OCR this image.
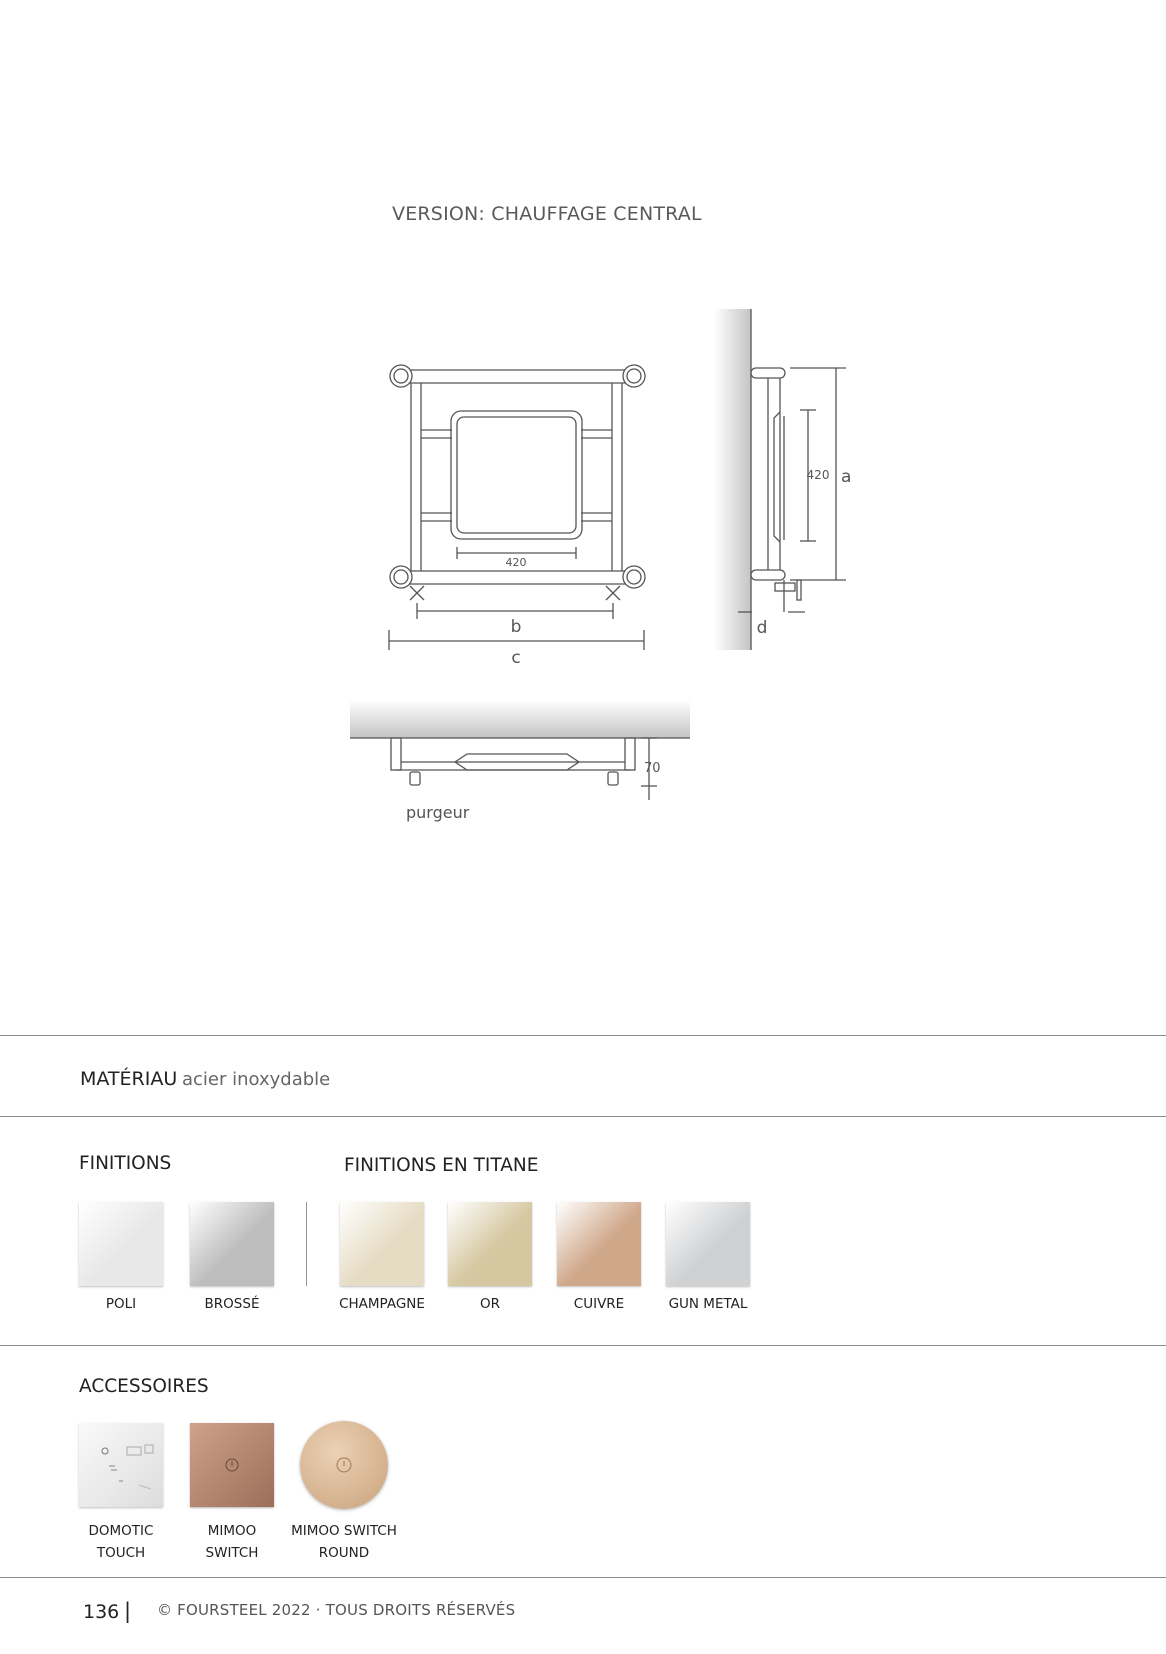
VERSION: CHAUFFAGE CENTRAL
420
b
c
420 a
d
70
purgeur
MATÉRIAU acier inoxydable
FINITIONS	FINITIONS EN TITANE
POLI	BROSSÉ	CHAMPAGNE	OR	CUIVRE	GUN METAL
ACCESSOIRES
DOMOTIC
TOUCH
MIMOO
SWITCH
MIMOO SWITCH
ROUND
136 | © FOURSTEEL 2022 · TOUS DROITS RÉSERVÉS
